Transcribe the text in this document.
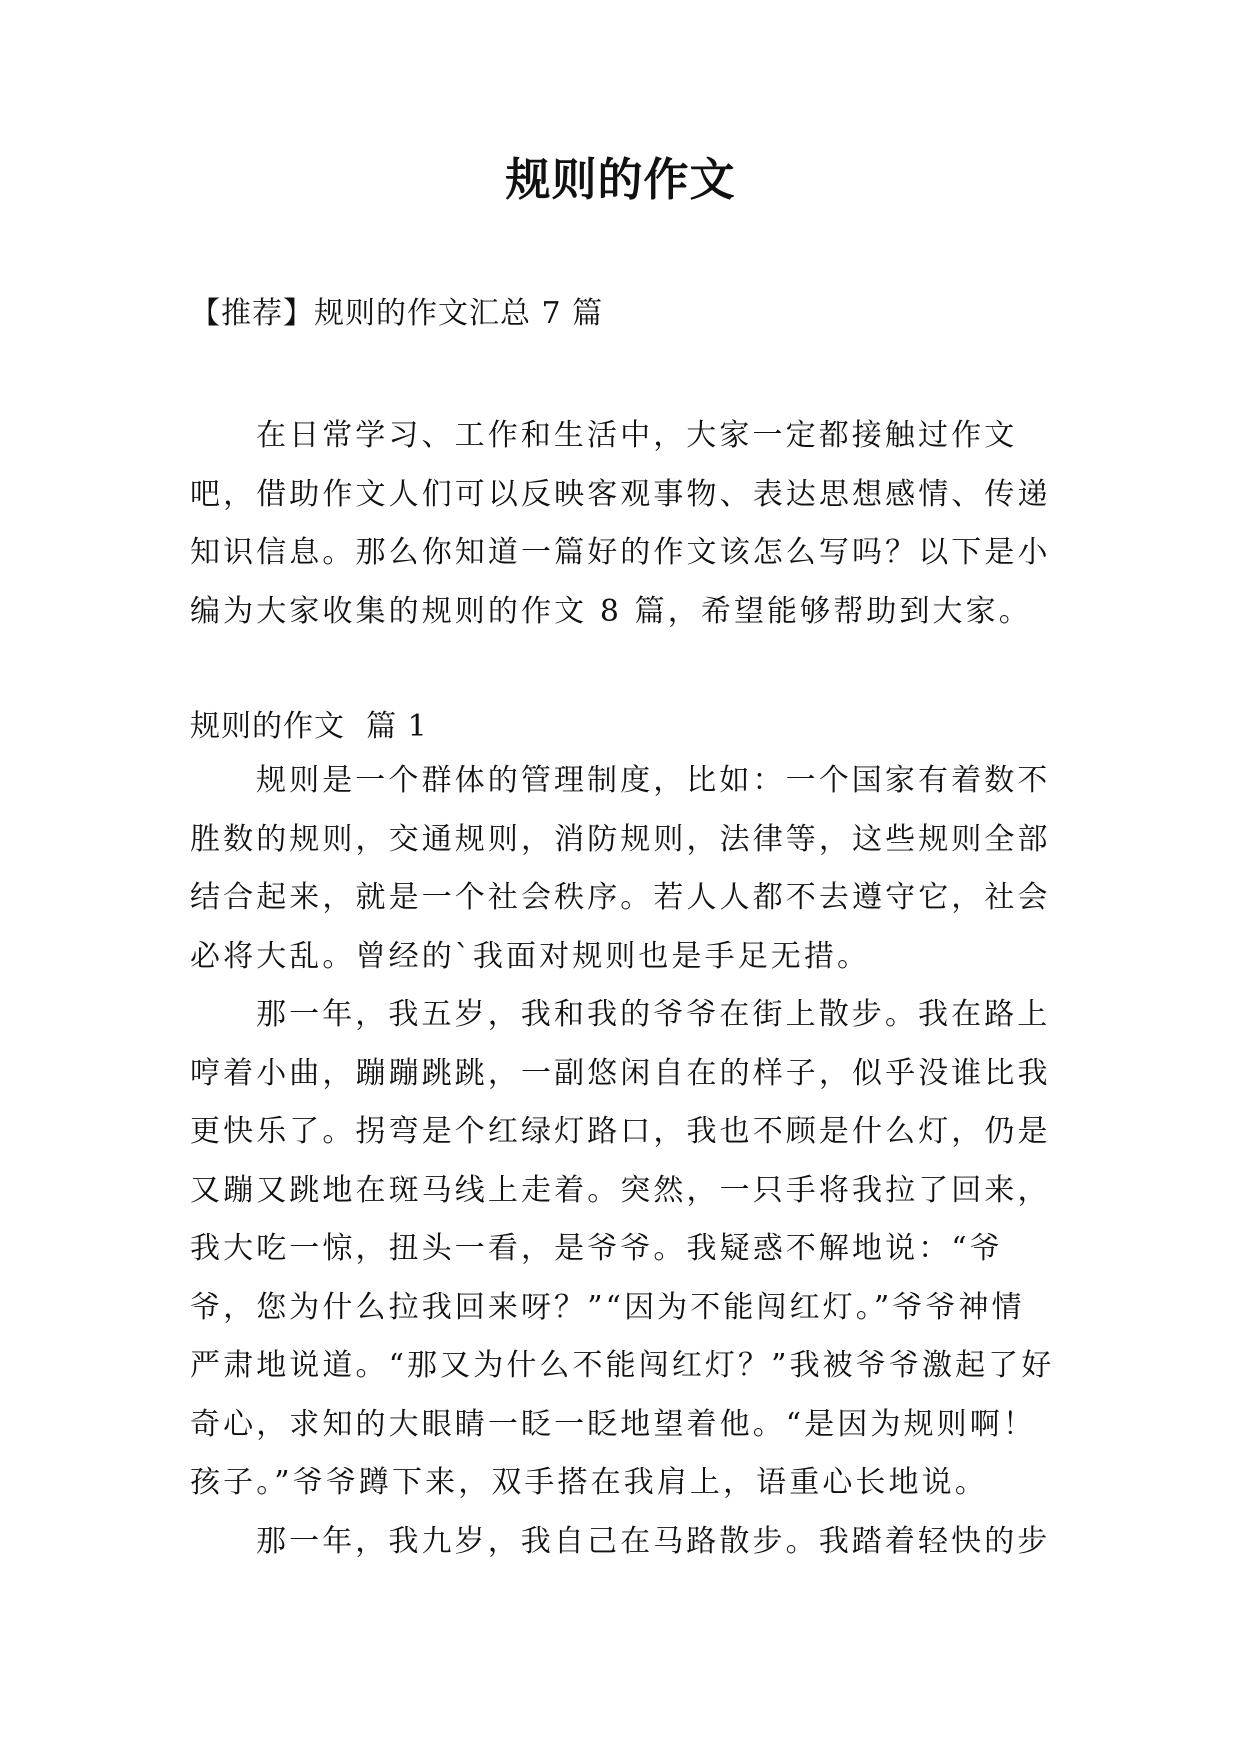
规则的作文
【推荐】规则的作文汇总 7 篇

在日常学习、工作和生活中，大家一定都接触过作文吧，借助作文人们可以反映客观事物、表达思想感情、传递知识信息。那么你知道一篇好的作文该怎么写吗？以下是小编为大家收集的规则的作文 8 篇，希望能够帮助到大家。

规则的作文  篇 1

规则是一个群体的管理制度，比如：一个国家有着数不胜数的规则，交通规则，消防规则，法律等，这些规则全部结合起来，就是一个社会秩序。若人人都不去遵守它，社会必将大乱。曾经的`我面对规则也是手足无措。

那一年，我五岁，我和我的爷爷在街上散步。我在路上哼着小曲，蹦蹦跳跳，一副悠闲自在的样子，似乎没谁比我更快乐了。拐弯是个红绿灯路口，我也不顾是什么灯，仍是又蹦又跳地在斑马线上走着。突然，一只手将我拉了回来，我大吃一惊，扭头一看，是爷爷。我疑惑不解地说：“爷爷，您为什么拉我回来呀？”“因为不能闯红灯。”爷爷神情严肃地说道。“那又为什么不能闯红灯？”我被爷爷激起了好奇心，求知的大眼睛一眨一眨地望着他。“是因为规则啊！孩子。”爷爷蹲下来，双手搭在我肩上，语重心长地说。

那一年，我九岁，我自己在马路散步。我踏着轻快的步
